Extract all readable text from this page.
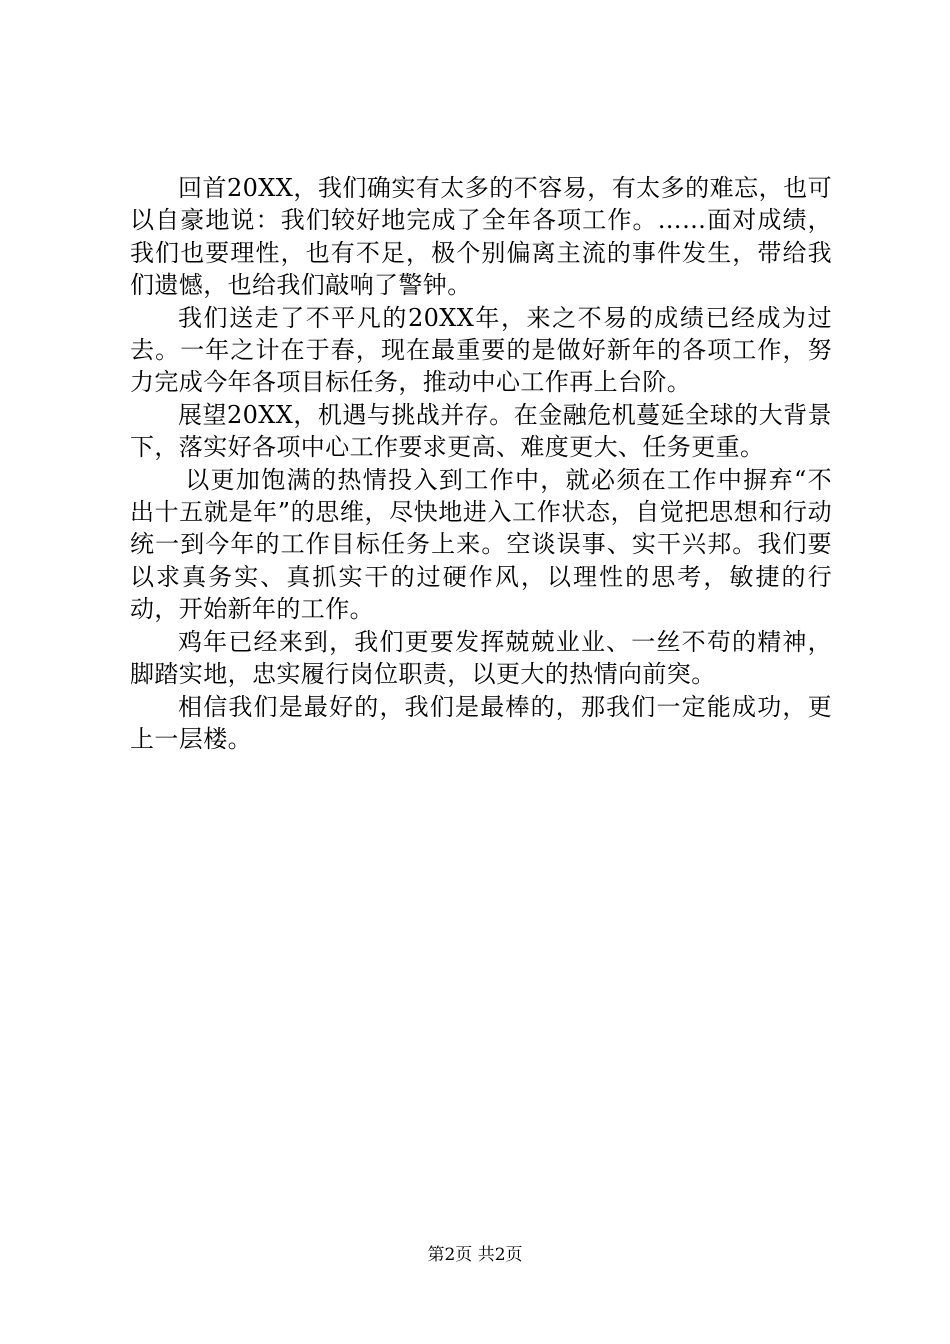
回首20XX，我们确实有太多的不容易，有太多的难忘，也可以自豪地说：我们较好地完成了全年各项工作。……面对成绩，我们也要理性，也有不足，极个别偏离主流的事件发生，带给我们遗憾，也给我们敲响了警钟。

我们送走了不平凡的20XX年，来之不易的成绩已经成为过去。一年之计在于春，现在最重要的是做好新年的各项工作，努力完成今年各项目标任务，推动中心工作再上台阶。

展望20XX，机遇与挑战并存。在金融危机蔓延全球的大背景下，落实好各项中心工作要求更高、难度更大、任务更重。

以更加饱满的热情投入到工作中，就必须在工作中摒弃“不出十五就是年”的思维，尽快地进入工作状态，自觉把思想和行动统一到今年的工作目标任务上来。空谈误事、实干兴邦。我们要以求真务实、真抓实干的过硬作风，以理性的思考，敏捷的行动，开始新年的工作。

鸡年已经来到，我们更要发挥兢兢业业、一丝不苟的精神，脚踏实地，忠实履行岗位职责，以更大的热情向前突。

相信我们是最好的，我们是最棒的，那我们一定能成功，更上一层楼。

第2页 共2页
